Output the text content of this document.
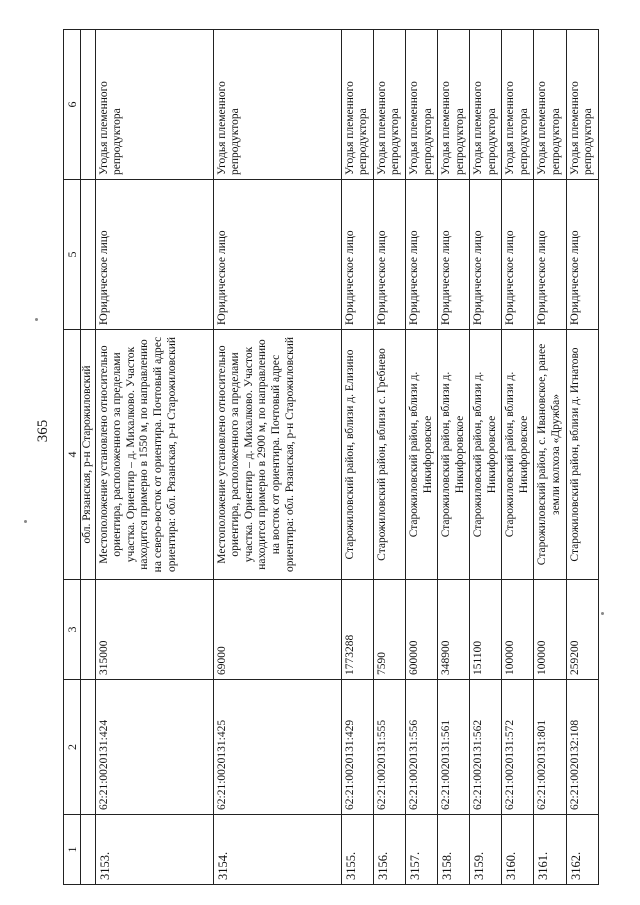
365
1	2	3	4	5	6
			обл. Рязанская, р-н Старожиловский		
3153.	62:21:0020131:424	315000	Местоположение установлено относительно ориентира, расположенного за пределами участка. Ориентир – д. Михалково. Участок находится примерно в 1550 м, по направлению на северо-восток от ориентира. Почтовый адрес ориентира: обл. Рязанская, р-н Старожиловский	Юридическое лицо	Угодья племенного репродуктора
3154.	62:21:0020131:425	69000	Местоположение установлено относительно ориентира, расположенного за пределами участка. Ориентир – д. Михалково. Участок находится примерно в 2900 м, по направлению на восток от ориентира. Почтовый адрес ориентира: обл. Рязанская, р-н Старожиловский	Юридическое лицо	Угодья племенного репродуктора
3155.	62:21:0020131:429	1773288	Старожиловский район, вблизи д. Елизино	Юридическое лицо	Угодья племенного репродуктора
3156.	62:21:0020131:555	7590	Старожиловский район, вблизи с. Гребнево	Юридическое лицо	Угодья племенного репродуктора
3157.	62:21:0020131:556	600000	Старожиловский район, вблизи д. Никифоровское	Юридическое лицо	Угодья племенного репродуктора
3158.	62:21:0020131:561	348900	Старожиловский район, вблизи д. Никифоровское	Юридическое лицо	Угодья племенного репродуктора
3159.	62:21:0020131:562	151100	Старожиловский район, вблизи д. Никифоровское	Юридическое лицо	Угодья племенного репродуктора
3160.	62:21:0020131:572	100000	Старожиловский район, вблизи д. Никифоровское	Юридическое лицо	Угодья племенного репродуктора
3161.	62:21:0020131:801	100000	Старожиловский район, с. Ивановское, ранее земли колхоза «Дружба»	Юридическое лицо	Угодья племенного репродуктора
3162.	62:21:0020132:108	259200	Старожиловский район, вблизи д. Игнатово	Юридическое лицо	Угодья племенного репродуктора
